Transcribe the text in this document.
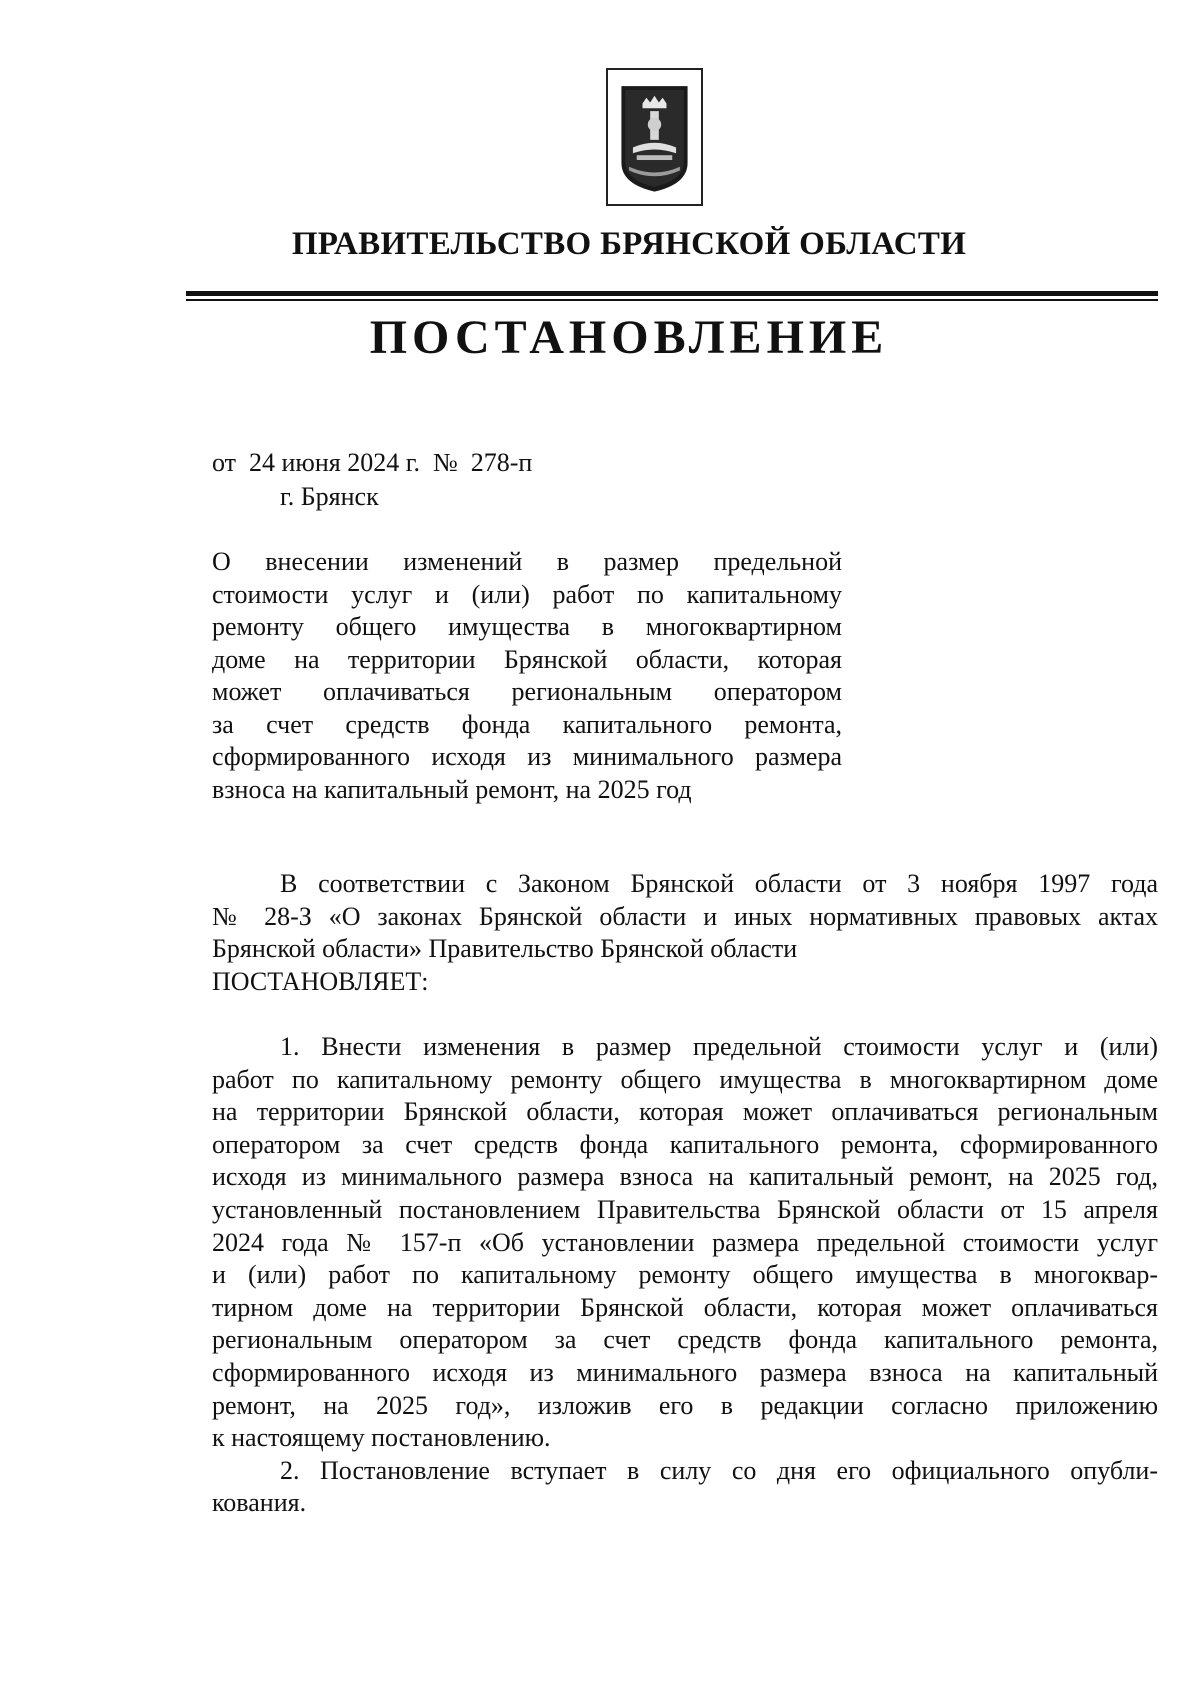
ПРАВИТЕЛЬСТВО БРЯНСКОЙ ОБЛАСТИ
ПОСТАНОВЛЕНИЕ
от  24 июня 2024 г.  №  278-п
г. Брянск
О внесении изменений в размер предельной
стоимости услуг и (или) работ по капитальному
ремонту общего имущества в многоквартирном
доме на территории Брянской области, которая
может оплачиваться региональным оператором
за счет средств фонда капитального ремонта,
сформированного исходя из минимального размера
взноса на капитальный ремонт, на 2025 год
В соответствии с Законом Брянской области от 3 ноября 1997 года
№ 28-З «О законах Брянской области и иных нормативных правовых актах
Брянской области» Правительство Брянской области
ПОСТАНОВЛЯЕТ:
1. Внести изменения в размер предельной стоимости услуг и (или)
работ по капитальному ремонту общего имущества в многоквартирном доме
на территории Брянской области, которая может оплачиваться региональным
оператором за счет средств фонда капитального ремонта, сформированного
исходя из минимального размера взноса на капитальный ремонт, на 2025 год,
установленный постановлением Правительства Брянской области от 15 апреля
2024 года № 157-п «Об установлении размера предельной стоимости услуг
и (или) работ по капитальному ремонту общего имущества в многоквар-
тирном доме на территории Брянской области, которая может оплачиваться
региональным оператором за счет средств фонда капитального ремонта,
сформированного исходя из минимального размера взноса на капитальный
ремонт, на 2025 год», изложив его в редакции согласно приложению
к настоящему постановлению.
2. Постановление вступает в силу со дня его официального опубли-
кования.
